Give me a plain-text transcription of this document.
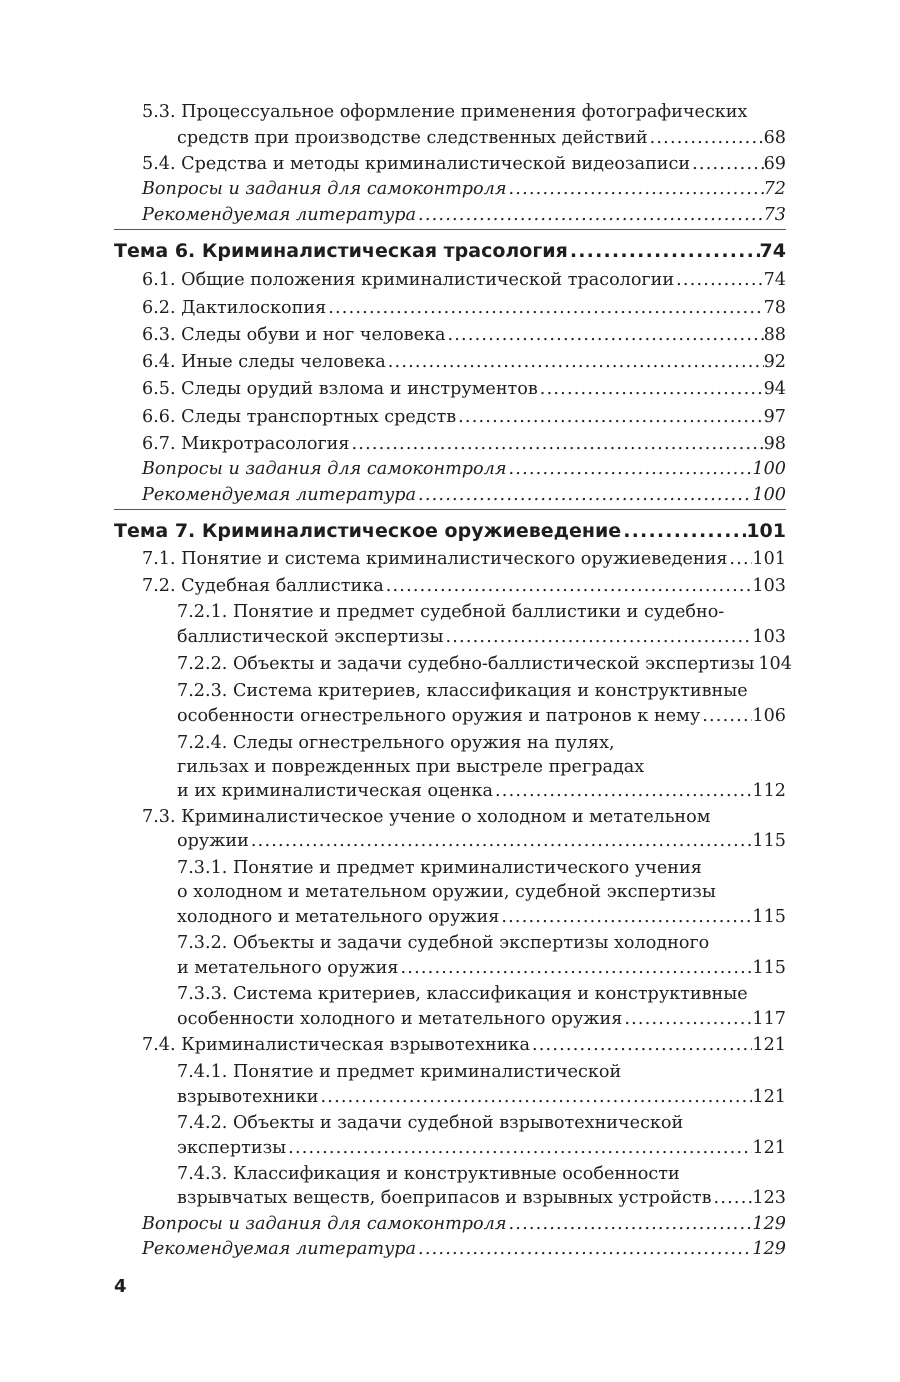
5.3. Процессуальное оформление применения фотографических
средств при производстве следственных действий .....	68
5.4. Средства и методы криминалистической видеозаписи .....	69
Вопросы и задания для самоконтроля .....	72
Рекомендуемая литература .....	73
Тема 6. Криминалистическая трасология .....	74
6.1. Общие положения криминалистической трасологии .....	74
6.2. Дактилоскопия .....	78
6.3. Следы обуви и ног человека .....	88
6.4. Иные следы человека .....	92
6.5. Следы орудий взлома и инструментов .....	94
6.6. Следы транспортных средств .....	97
6.7. Микротрасология .....	98
Вопросы и задания для самоконтроля .....	100
Рекомендуемая литература .....	100
Тема 7. Криминалистическое оружиеведение .....	101
7.1. Понятие и система криминалистического оружиеведения ..... 101
7.2. Судебная баллистика .....	103
7.2.1. Понятие и предмет судебной баллистики и судебно-
баллистической экспертизы .....	103
7.2.2. Объекты и задачи судебно-баллистической экспертизы ..... 104
7.2.3. Система критериев, классификация и конструктивные
особенности огнестрельного оружия и патронов к нему .....	106
7.2.4. Следы огнестрельного оружия на пулях,
гильзах и поврежденных при выстреле преградах
и их криминалистическая оценка .....	112
7.3. Криминалистическое учение о холодном и метательном
оружии .....	115
7.3.1. Понятие и предмет криминалистического учения
о холодном и метательном оружии, судебной экспертизы
холодного и метательного оружия .....	115
7.3.2. Объекты и задачи судебной экспертизы холодного
и метательного оружия .....	115
7.3.3. Система критериев, классификация и конструктивные
особенности холодного и метательного оружия .....	117
7.4. Криминалистическая взрывотехника .....	121
7.4.1. Понятие и предмет криминалистической
взрывотехники .....	121
7.4.2. Объекты и задачи судебной взрывотехнической
экспертизы .....	121
7.4.3. Классификация и конструктивные особенности
взрывчатых веществ, боеприпасов и взрывных устройств ..... 123
Вопросы и задания для самоконтроля .....	129
Рекомендуемая литература .....	129
4
